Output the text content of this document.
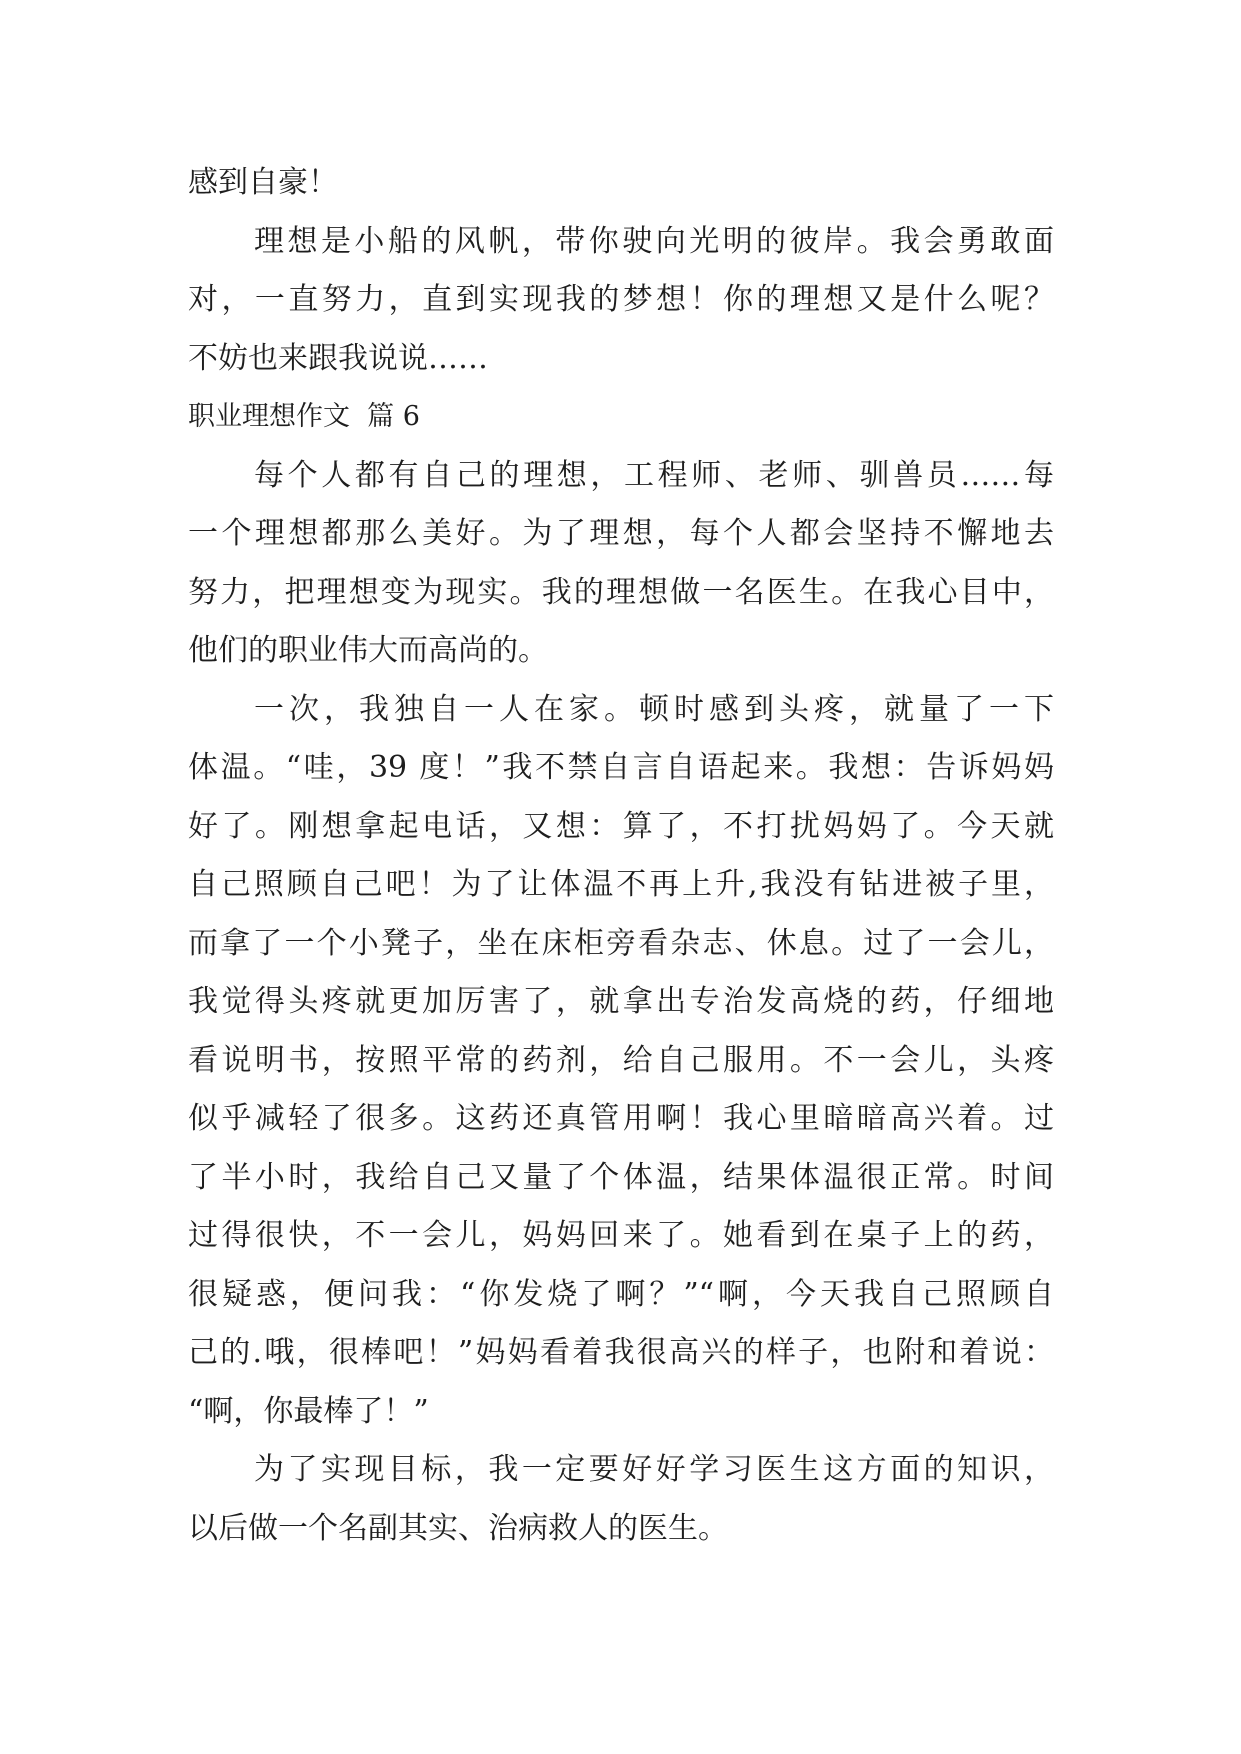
感到自豪！
理想是小船的风帆，带你驶向光明的彼岸。我会勇敢面
对，一直努力，直到实现我的梦想！你的理想又是什么呢？
不妨也来跟我说说……
职业理想作文  篇 6
每个人都有自己的理想，工程师、老师、驯兽员……每
一个理想都那么美好。为了理想，每个人都会坚持不懈地去
努力，把理想变为现实。我的理想做一名医生。在我心目中，
他们的职业伟大而高尚的。
一次，我独自一人在家。顿时感到头疼，就量了一下
体温。“哇，39 度！”我不禁自言自语起来。我想：告诉妈妈
好了。刚想拿起电话，又想：算了，不打扰妈妈了。今天就
自己照顾自己吧！为了让体温不再上升,我没有钻进被子里，
而拿了一个小凳子，坐在床柜旁看杂志、休息。过了一会儿，
我觉得头疼就更加厉害了，就拿出专治发高烧的药，仔细地
看说明书，按照平常的药剂，给自己服用。不一会儿，头疼
似乎减轻了很多。这药还真管用啊！我心里暗暗高兴着。过
了半小时，我给自己又量了个体温，结果体温很正常。时间
过得很快，不一会儿，妈妈回来了。她看到在桌子上的药，
很疑惑，便问我：“你发烧了啊？”“啊，今天我自己照顾自
己的.哦，很棒吧！”妈妈看着我很高兴的样子，也附和着说：
“啊，你最棒了！”
为了实现目标，我一定要好好学习医生这方面的知识，
以后做一个名副其实、治病救人的医生。
